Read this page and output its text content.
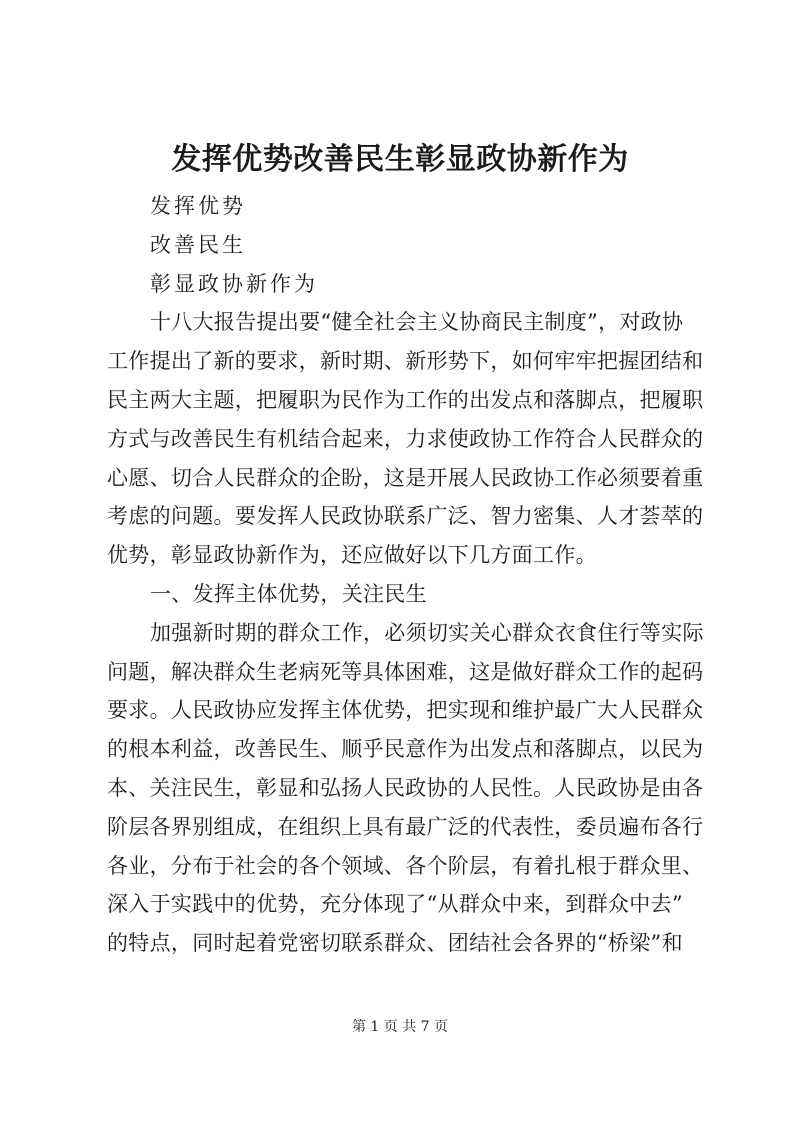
发挥优势改善民生彰显政协新作为
发挥优势
改善民生
彰显政协新作为
十八大报告提出要“健全社会主义协商民主制度”，对政协
工作提出了新的要求，新时期、新形势下，如何牢牢把握团结和
民主两大主题，把履职为民作为工作的出发点和落脚点，把履职
方式与改善民生有机结合起来，力求使政协工作符合人民群众的
心愿、切合人民群众的企盼，这是开展人民政协工作必须要着重
考虑的问题。要发挥人民政协联系广泛、智力密集、人才荟萃的
优势，彰显政协新作为，还应做好以下几方面工作。
一、发挥主体优势，关注民生
加强新时期的群众工作，必须切实关心群众衣食住行等实际
问题，解决群众生老病死等具体困难，这是做好群众工作的起码
要求。人民政协应发挥主体优势，把实现和维护最广大人民群众
的根本利益，改善民生、顺乎民意作为出发点和落脚点，以民为
本、关注民生，彰显和弘扬人民政协的人民性。人民政协是由各
阶层各界别组成，在组织上具有最广泛的代表性，委员遍布各行
各业，分布于社会的各个领域、各个阶层，有着扎根于群众里、
深入于实践中的优势，充分体现了“从群众中来，到群众中去”
的特点，同时起着党密切联系群众、团结社会各界的“桥梁”和
第 1 页 共 7 页
